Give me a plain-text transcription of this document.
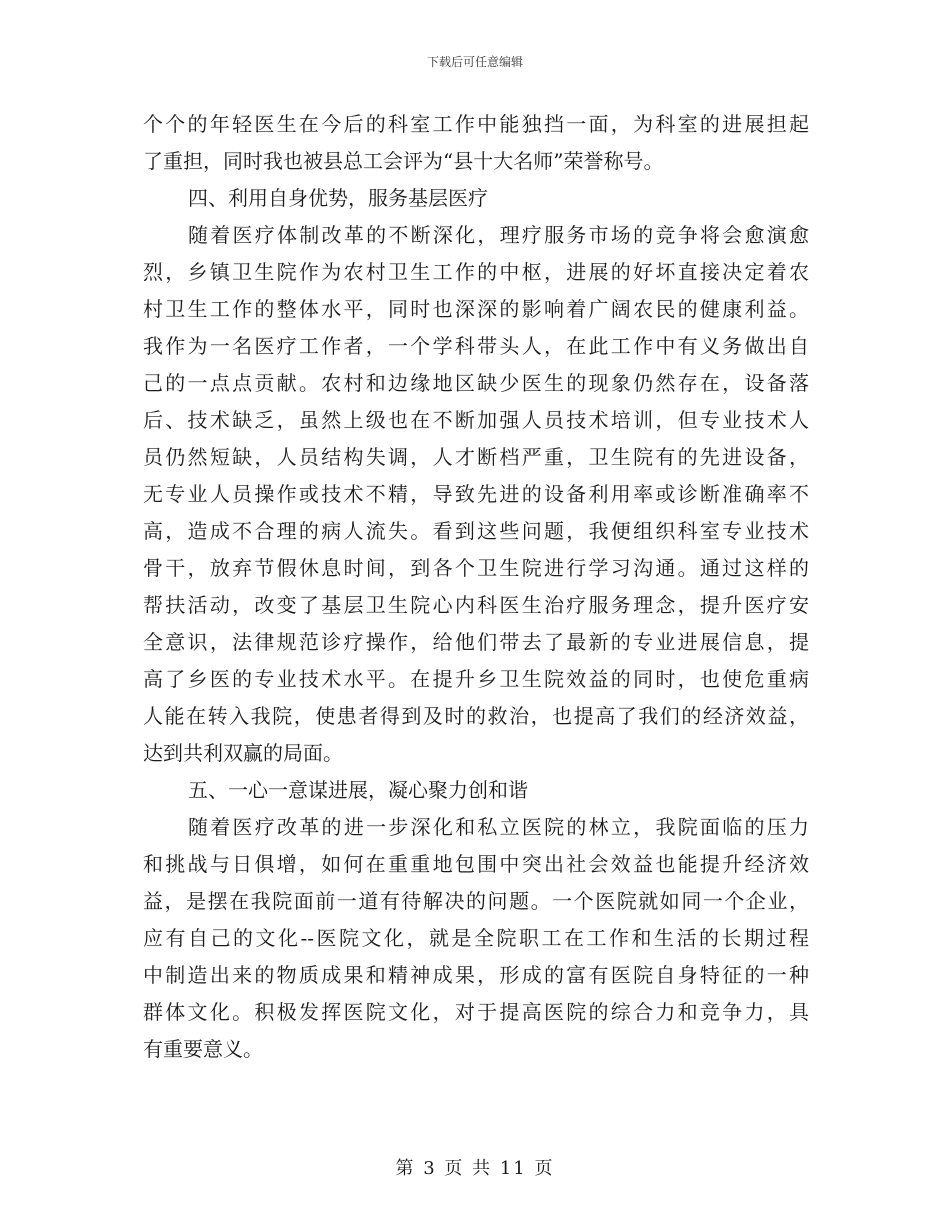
下载后可任意编辑
个个的年轻医生在今后的科室工作中能独挡一面，为科室的进展担起
了重担，同时我也被县总工会评为“县十大名师”荣誉称号。
四、利用自身优势，服务基层医疗
随着医疗体制改革的不断深化，理疗服务市场的竞争将会愈演愈
烈，乡镇卫生院作为农村卫生工作的中枢，进展的好坏直接决定着农
村卫生工作的整体水平，同时也深深的影响着广阔农民的健康利益。
我作为一名医疗工作者，一个学科带头人，在此工作中有义务做出自
己的一点点贡献。农村和边缘地区缺少医生的现象仍然存在，设备落
后、技术缺乏，虽然上级也在不断加强人员技术培训，但专业技术人
员仍然短缺，人员结构失调，人才断档严重，卫生院有的先进设备，
无专业人员操作或技术不精，导致先进的设备利用率或诊断准确率不
高，造成不合理的病人流失。看到这些问题，我便组织科室专业技术
骨干，放弃节假休息时间，到各个卫生院进行学习沟通。通过这样的
帮扶活动，改变了基层卫生院心内科医生治疗服务理念，提升医疗安
全意识，法律规范诊疗操作，给他们带去了最新的专业进展信息，提
高了乡医的专业技术水平。在提升乡卫生院效益的同时，也使危重病
人能在转入我院，使患者得到及时的救治，也提高了我们的经济效益，
达到共利双赢的局面。
五、一心一意谋进展，凝心聚力创和谐
随着医疗改革的进一步深化和私立医院的林立，我院面临的压力
和挑战与日俱增，如何在重重地包围中突出社会效益也能提升经济效
益，是摆在我院面前一道有待解决的问题。一个医院就如同一个企业，
应有自己的文化--医院文化，就是全院职工在工作和生活的长期过程
中制造出来的物质成果和精神成果，形成的富有医院自身特征的一种
群体文化。积极发挥医院文化，对于提高医院的综合力和竞争力，具
有重要意义。
第 3 页 共 11 页
